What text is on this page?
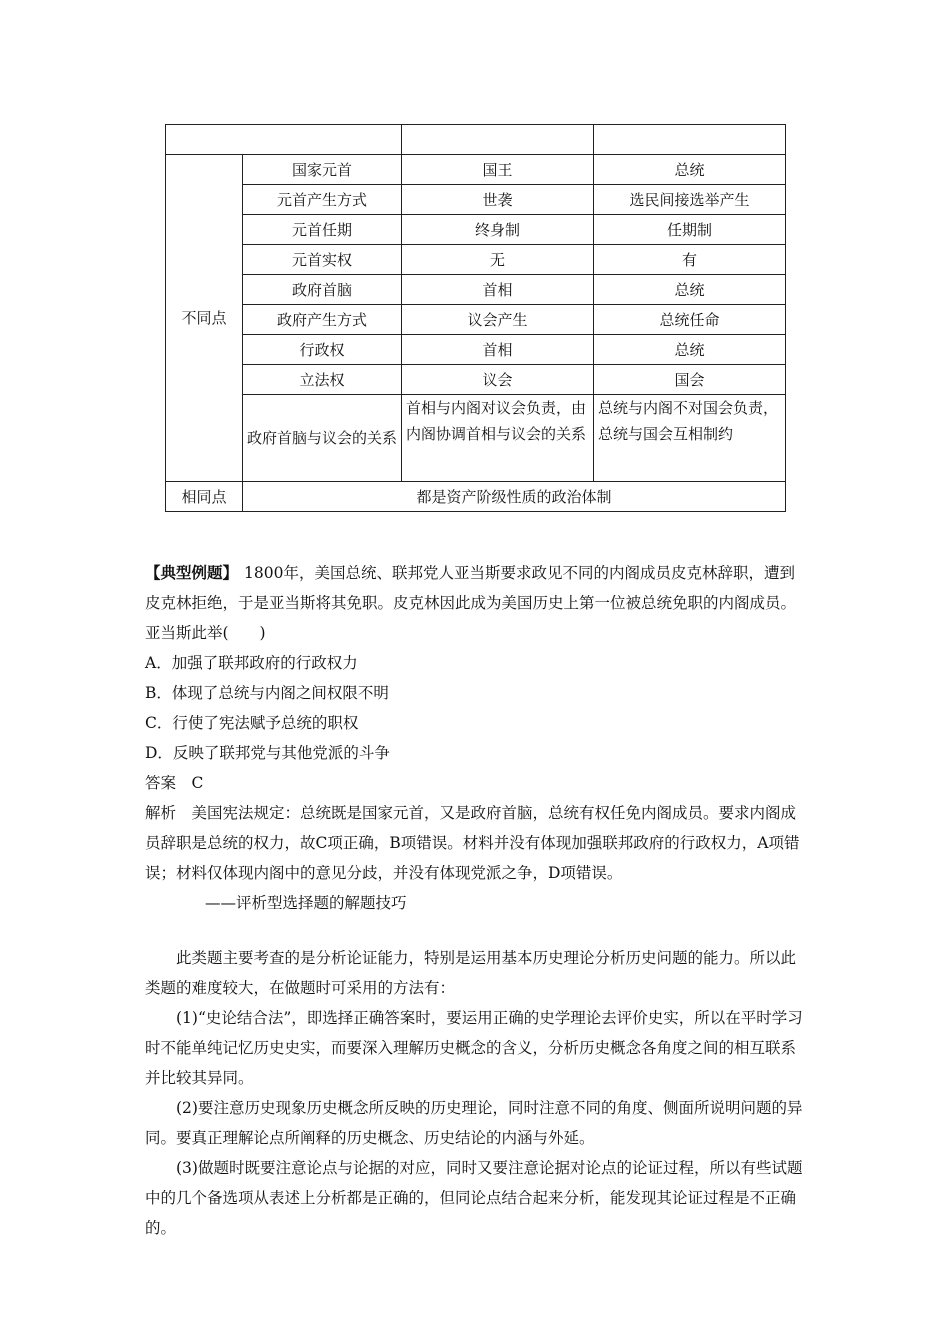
不同点	国家元首	国王	总统
	元首产生方式	世袭	选民间接选举产生
	元首任期	终身制	任期制
	元首实权	无	有
	政府首脑	首相	总统
	政府产生方式	议会产生	总统任命
	行政权	首相	总统
	立法权	议会	国会
	政府首脑与议会的关系	首相与内阁对议会负责，由内阁协调首相与议会的关系	总统与内阁不对国会负责，总统与国会互相制约
相同点	都是资产阶级性质的政治体制		
【典型例题】 1800年，美国总统、联邦党人亚当斯要求政见不同的内阁成员皮克林辞职，遭到皮克林拒绝，于是亚当斯将其免职。皮克林因此成为美国历史上第一位被总统免职的内阁成员。亚当斯此举(　　)
A．加强了联邦政府的行政权力
B．体现了总统与内阁之间权限不明
C．行使了宪法赋予总统的职权
D．反映了联邦党与其他党派的斗争
答案　C
解析　美国宪法规定：总统既是国家元首，又是政府首脑，总统有权任免内阁成员。要求内阁成员辞职是总统的权力，故C项正确，B项错误。材料并没有体现加强联邦政府的行政权力，A项错误；材料仅体现内阁中的意见分歧，并没有体现党派之争，D项错误。
——评析型选择题的解题技巧
此类题主要考查的是分析论证能力，特别是运用基本历史理论分析历史问题的能力。所以此类题的难度较大，在做题时可采用的方法有：
(1)“史论结合法”，即选择正确答案时，要运用正确的史学理论去评价史实，所以在平时学习时不能单纯记忆历史史实，而要深入理解历史概念的含义，分析历史概念各角度之间的相互联系并比较其异同。
(2)要注意历史现象历史概念所反映的历史理论，同时注意不同的角度、侧面所说明问题的异同。要真正理解论点所阐释的历史概念、历史结论的内涵与外延。
(3)做题时既要注意论点与论据的对应，同时又要注意论据对论点的论证过程，所以有些试题中的几个备选项从表述上分析都是正确的，但同论点结合起来分析，能发现其论证过程是不正确的。
